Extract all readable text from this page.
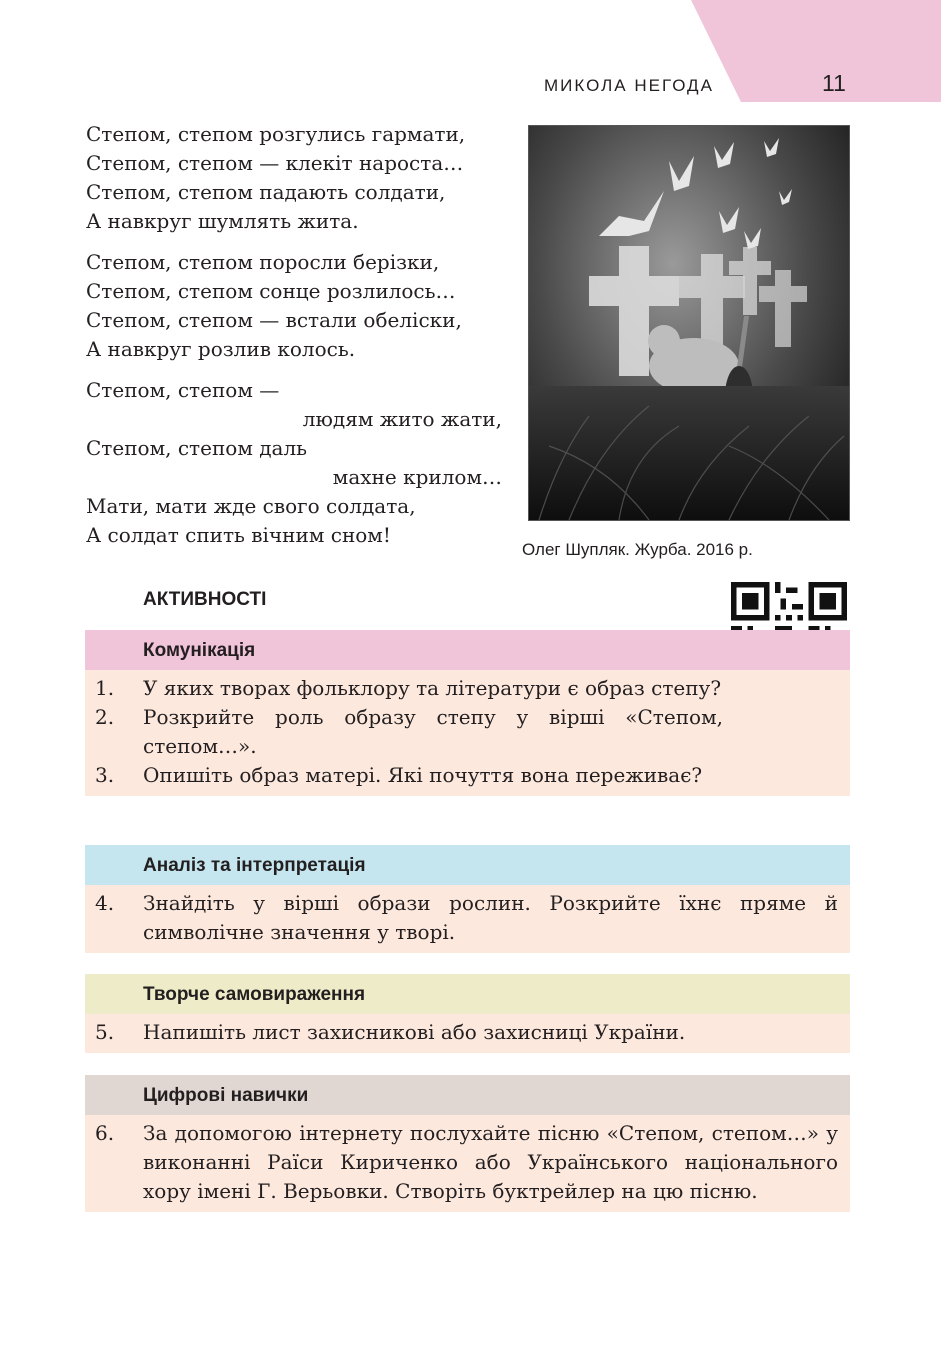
МИКОЛА НЕГОДА	11
Степом, степом розгулись гармати,
Степом, степом — клекіт нароста…
Степом, степом падають солдати,
А навкруг шумлять жита.
Степом, степом поросли берізки,
Степом, степом сонце розлилось…
Степом, степом — встали обеліски,
А навкруг розлив колось.
Степом, степом —
людям жито жати,
Степом, степом даль
махне крилом…
Мати, мати жде свого солдата,
А солдат спить вічним сном!
Олег Шупляк. Журба. 2016 р.
АКТИВНОСТІ
Комунікація
1.	У яких творах фольклору та літератури є образ степу?
2.	Розкрийте роль образу степу у вірші «Степом, степом…».
3.	Опишіть образ матері. Які почуття вона переживає?
Аналіз та інтерпретація
4.	Знайдіть у вірші образи рослин. Розкрийте їхнє пряме й символічне значення у творі.
Творче самовираження
5.	Напишіть лист захисникові або захисниці України.
Цифрові навички
6.	За допомогою інтернету послухайте пісню «Степом, степом…» у виконанні Раїси Кириченко або Українського національного хору імені Г. Верьовки. Створіть буктрейлер на цю пісню.
